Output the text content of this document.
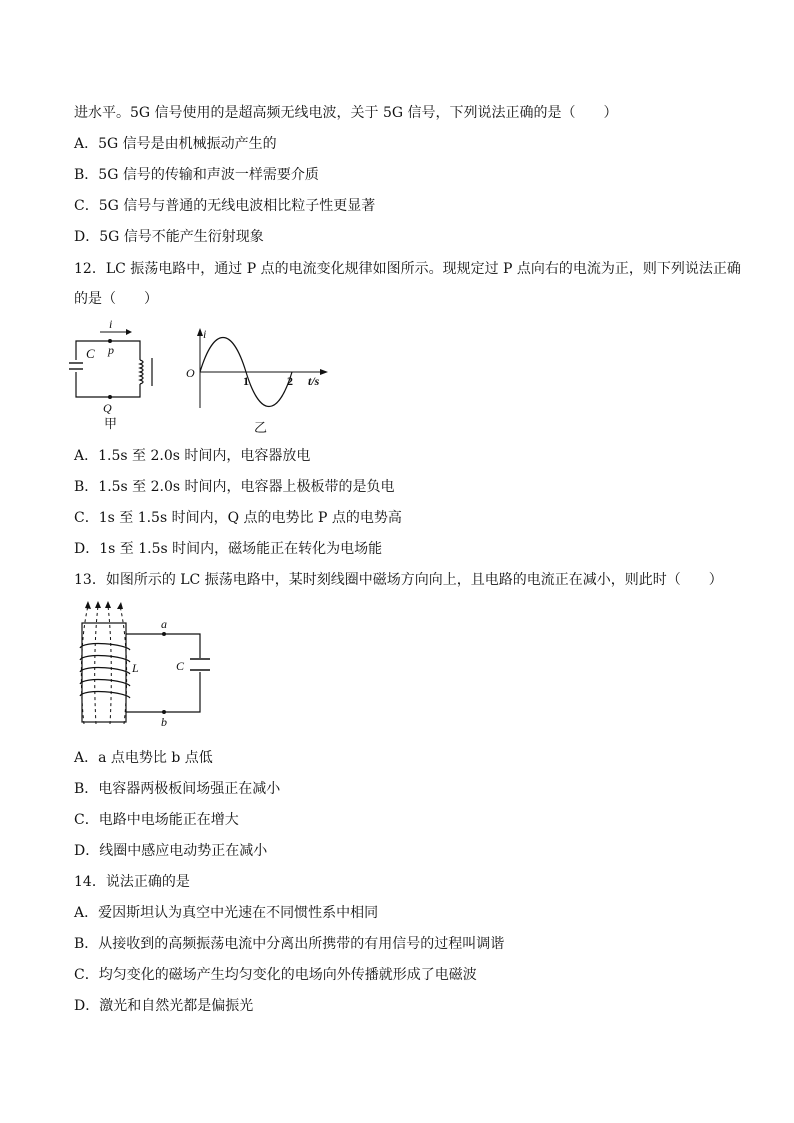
进水平。5G 信号使用的是超高频无线电波，关于 5G 信号，下列说法正确的是（　　）
A．5G 信号是由机械振动产生的
B．5G 信号的传输和声波一样需要介质
C．5G 信号与普通的无线电波相比粒子性更显著
D．5G 信号不能产生衍射现象
12．LC 振荡电路中，通过 P 点的电流变化规律如图所示。现规定过 P 点向右的电流为正，则下列说法正确
的是（　　）
i
p
C
Q
甲
i
O
1	2 t/s
乙
A．1.5s 至 2.0s 时间内，电容器放电
B．1.5s 至 2.0s 时间内，电容器上极板带的是负电
C．1s 至 1.5s 时间内，Q 点的电势比 P 点的电势高
D．1s 至 1.5s 时间内，磁场能正在转化为电场能
13．如图所示的 LC 振荡电路中，某时刻线圈中磁场方向向上，且电路的电流正在减小，则此时（　　）
a
b
L	C
A．a 点电势比 b 点低
B．电容器两极板间场强正在减小
C．电路中电场能正在增大
D．线圈中感应电动势正在减小
14．说法正确的是
A．爱因斯坦认为真空中光速在不同惯性系中相同
B．从接收到的高频振荡电流中分离出所携带的有用信号的过程叫调谐
C．均匀变化的磁场产生均匀变化的电场向外传播就形成了电磁波
D．激光和自然光都是偏振光
